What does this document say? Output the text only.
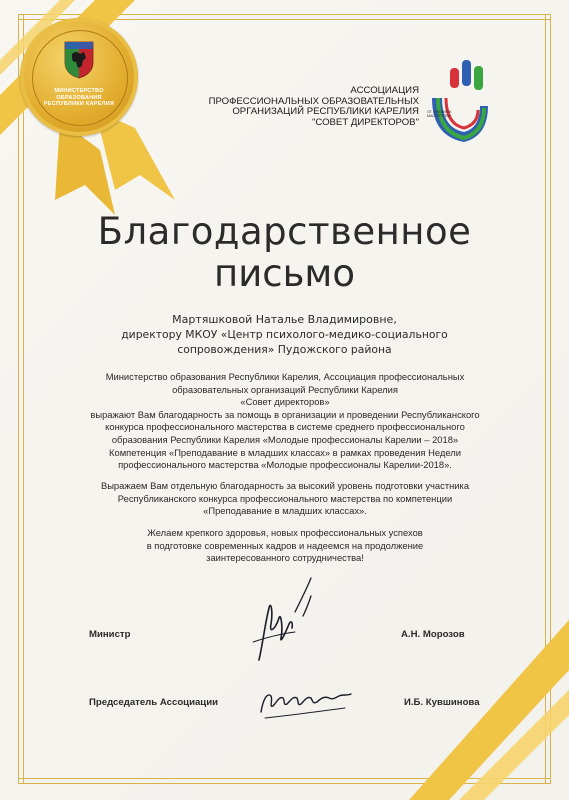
МИНИСТЕРСТВО
ОБРАЗОВАНИЯ
РЕСПУБЛИКИ КАРЕЛИЯ
АССОЦИАЦИЯ
ПРОФЕССИОНАЛЬНЫХ ОБРАЗОВАТЕЛЬНЫХ
ОРГАНИЗАЦИЙ РЕСПУБЛИКИ КАРЕЛИЯ
"СОВЕТ ДИРЕКТОРОВ"
ОТ УМЕНИЯ К МАСТЕРСТВУ
Благодарственное
письмо
Мартяшковой Наталье Владимировне,
директору МКОУ «Центр психолого-медико-социального
сопровождения» Пудожского района
Министерство образования Республики Карелия, Ассоциация профессиональных
образовательных организаций Республики Карелия
«Совет директоров»
выражают Вам благодарность за помощь в организации и проведении Республиканского
конкурса профессионального мастерства в системе среднего профессионального
образования Республики Карелия «Молодые профессионалы Карелии – 2018»
Компетенция «Преподавание в младших классах» в рамках проведения Недели
профессионального мастерства «Молодые профессионалы Карелии-2018».
Выражаем Вам отдельную благодарность за высокий уровень подготовки участника
Республиканского конкурса профессионального мастерства по компетенции
«Преподавание в младших классах».
Желаем крепкого здоровья, новых профессиональных успехов
в подготовке современных кадров и надеемся на продолжение
заинтересованного сотрудничества!
Министр	А.Н. Морозов
Председатель Ассоциации	И.Б. Кувшинова
